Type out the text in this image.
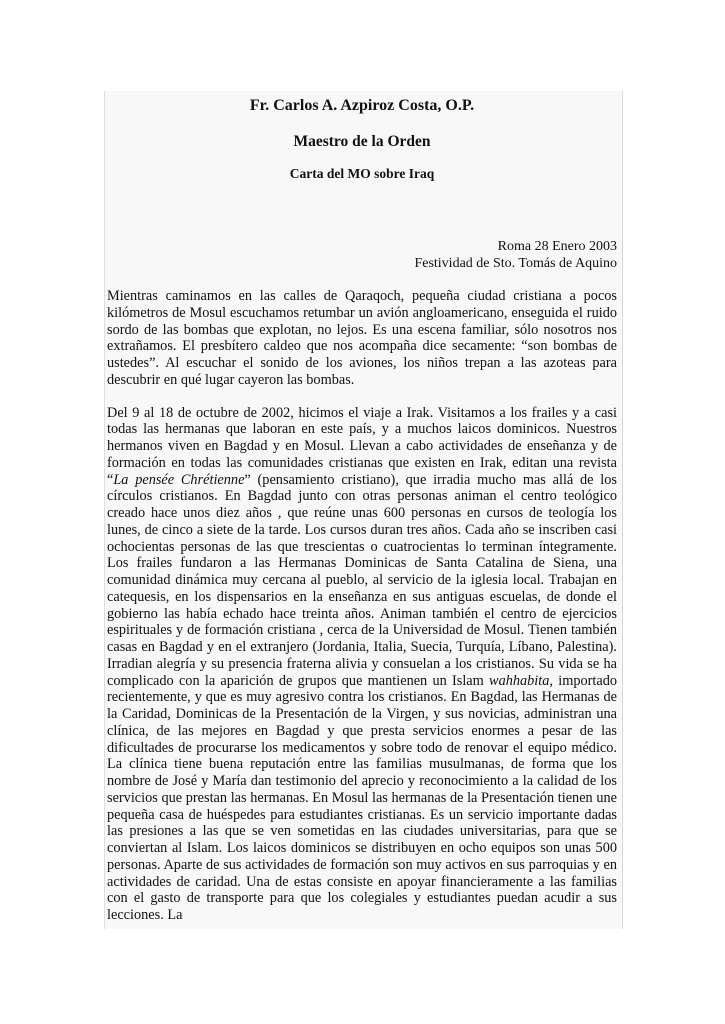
Fr. Carlos A. Azpiroz Costa, O.P.

Maestro de la Orden

Carta del MO sobre Iraq

Roma 28 Enero 2003
Festividad de Sto. Tomás de Aquino

Mientras caminamos en las calles de Qaraqoch, pequeña ciudad cristiana a pocos kilómetros de Mosul escuchamos retumbar un avión angloamericano, enseguida el ruido sordo de las bombas que explotan, no lejos. Es una escena familiar, sólo nosotros nos extrañamos. El presbítero caldeo que nos acompaña dice secamente: “son bombas de ustedes”. Al escuchar el sonido de los aviones, los niños trepan a las azoteas para descubrir en qué lugar cayeron las bombas.

Del 9 al 18 de octubre de 2002, hicimos el viaje a Irak. Visitamos a los frailes y a casi todas las hermanas que laboran en este país, y a muchos laicos dominicos. Nuestros hermanos viven en Bagdad y en Mosul. Llevan a cabo actividades de enseñanza y de formación en todas las comunidades cristianas que existen en Irak, editan una revista “La pensée Chrétienne” (pensamiento cristiano), que irradia mucho mas allá de los círculos cristianos. En Bagdad junto con otras personas animan el centro teológico creado hace unos diez años , que reúne unas 600 personas en cursos de teología los lunes, de cinco a siete de la tarde. Los cursos duran tres años. Cada año se inscriben casi ochocientas personas de las que trescientas o cuatrocientas lo terminan íntegramente. Los frailes fundaron a las Hermanas Dominicas de Santa Catalina de Siena, una comunidad dinámica muy cercana al pueblo, al servicio de la iglesia local. Trabajan en catequesis, en los dispensarios en la enseñanza en sus antiguas escuelas, de donde el gobierno las había echado hace treinta años. Animan también el centro de ejercicios espirituales y de formación cristiana , cerca de la Universidad de Mosul. Tienen también casas en Bagdad y en el extranjero (Jordania, Italia, Suecia, Turquía, Líbano, Palestina). Irradian alegría y su presencia fraterna alivia y consuelan a los cristianos. Su vida se ha complicado con la aparición de grupos que mantienen un Islam wahhabita, importado recientemente, y que es muy agresivo contra los cristianos. En Bagdad, las Hermanas de la Caridad, Dominicas de la Presentación de la Virgen, y sus novicias, administran una clínica, de las mejores en Bagdad y que presta servicios enormes a pesar de las dificultades de procurarse los medicamentos y sobre todo de renovar el equipo médico. La clínica tiene buena reputación entre las familias musulmanas, de forma que los nombre de José y María dan testimonio del aprecio y reconocimiento a la calidad de los servicios que prestan las hermanas. En Mosul las hermanas de la Presentación tienen une pequeña casa de huéspedes para estudiantes cristianas. Es un servicio importante dadas las presiones a las que se ven sometidas en las ciudades universitarias, para que se conviertan al Islam. Los laicos dominicos se distribuyen en ocho equipos son unas 500 personas. Aparte de sus actividades de formación son muy activos en sus parroquias y en actividades de caridad. Una de estas consiste en apoyar financieramente a las familias con el gasto de transporte para que los colegiales y estudiantes puedan acudir a sus lecciones. La
